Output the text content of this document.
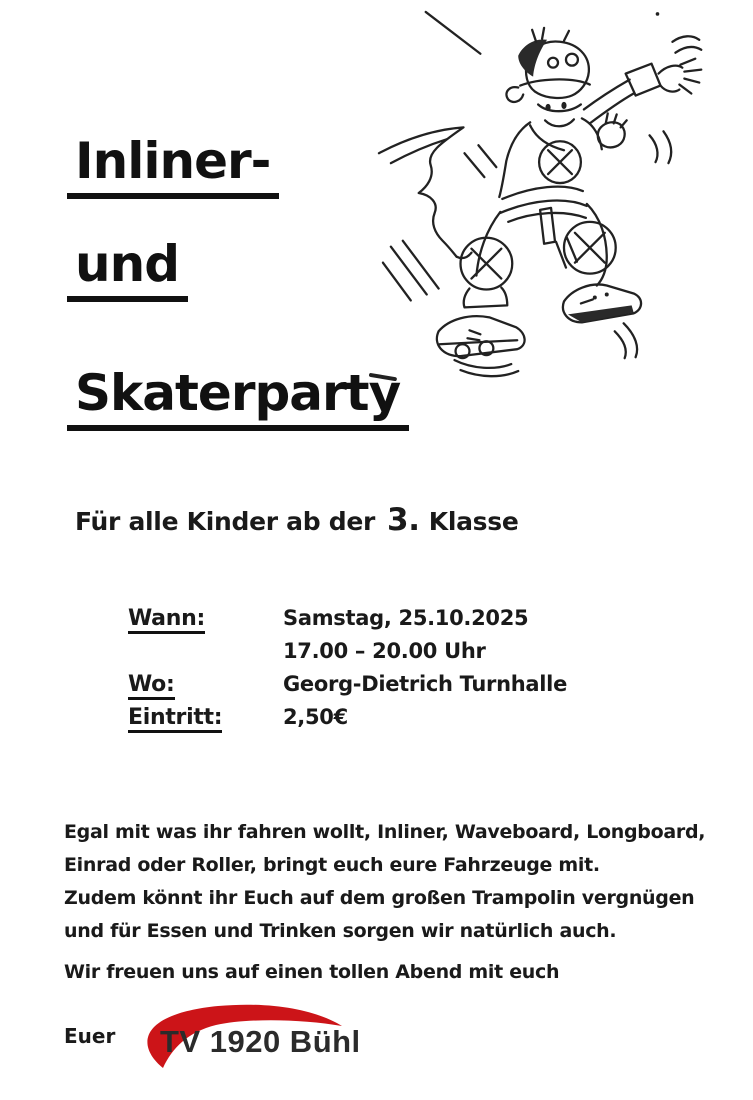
Inliner-
und
Skaterparty
Für alle Kinder ab der 3. Klasse
Wann:	Samstag, 25.10.2025
17.00 – 20.00 Uhr
Wo:	Georg-Dietrich Turnhalle
Eintritt:	2,50€
Egal mit was ihr fahren wollt, Inliner, Waveboard, Longboard,
Einrad oder Roller, bringt euch eure Fahrzeuge mit.
Zudem könnt ihr Euch auf dem großen Trampolin vergnügen
und für Essen und Trinken sorgen wir natürlich auch.
Wir freuen uns auf einen tollen Abend mit euch
Euer TV 1920 Bühl
